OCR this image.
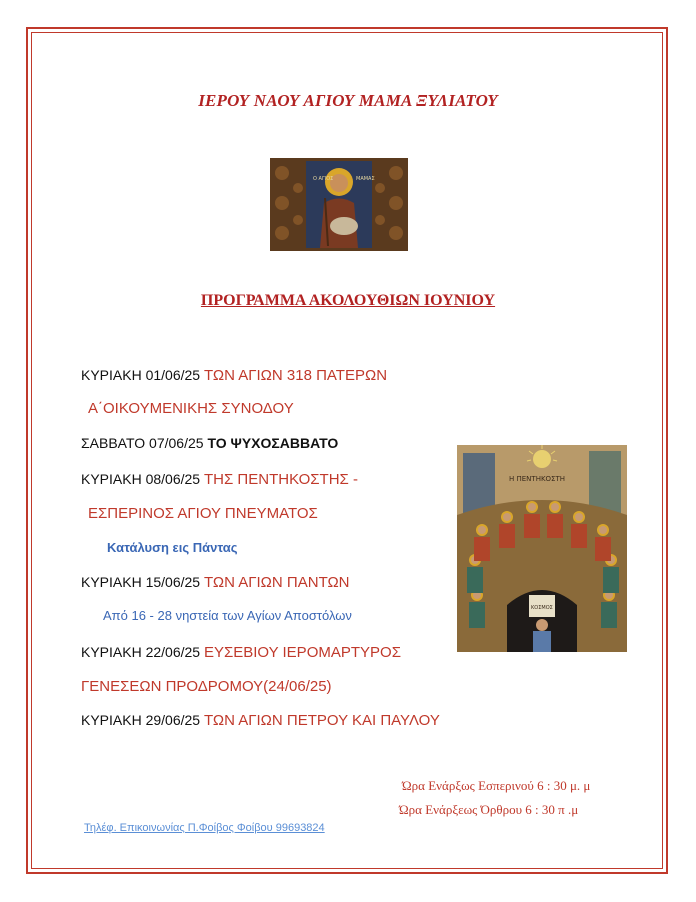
ΙΕΡΟΥ ΝΑΟΥ ΑΓΙΟΥ ΜΑΜΑ ΞΥΛΙΑΤΟΥ
Ο ΑΓΙΟΣ	ΜΑΜΑΣ
ΠΡΟΓΡΑΜΜΑ ΑΚΟΛΟΥΘΙΩΝ ΙΟΥΝΙΟΥ
ΚΥΡΙΑΚΗ 01/06/25 ΤΩΝ ΑΓΙΩΝ 318 ΠΑΤΕΡΩΝ
Α΄ΟΙΚΟΥΜΕΝΙΚΗΣ ΣΥΝΟΔΟΥ
ΣΑΒΒΑΤΟ 07/06/25 ΤΟ ΨΥΧΟΣΑΒΒΑΤΟ
ΚΥΡΙΑΚΗ 08/06/25 ΤΗΣ ΠΕΝΤΗΚΟΣΤΗΣ -
ΕΣΠΕΡΙΝΟΣ ΑΓΙΟΥ ΠΝΕΥΜΑΤΟΣ
Κατάλυση εις Πάντας
ΚΥΡΙΑΚΗ 15/06/25 ΤΩΝ ΑΓΙΩΝ ΠΑΝΤΩΝ
Από 16 - 28 νηστεία των Αγίων Αποστόλων
ΚΥΡΙΑΚΗ 22/06/25 ΕΥΣΕΒΙΟΥ ΙΕΡΟΜΑΡΤΥΡΟΣ
ΓΕΝΕΣΕΩΝ ΠΡΟΔΡΟΜΟΥ(24/06/25)
ΚΥΡΙΑΚΗ 29/06/25 ΤΩΝ ΑΓΙΩΝ ΠΕΤΡΟΥ ΚΑΙ ΠΑΥΛΟΥ
Η ΠΕΝΤΗΚΟΣΤΗ
ΚΟΣΜΟΣ
Ώρα Ενάρξως Εσπερινού 6 : 30 μ. μ
Ώρα Ενάρξεως Όρθρου 6 : 30 π .μ
Τηλέφ. Επικοινωνίας Π.Φοίβος Φοίβου 99693824
